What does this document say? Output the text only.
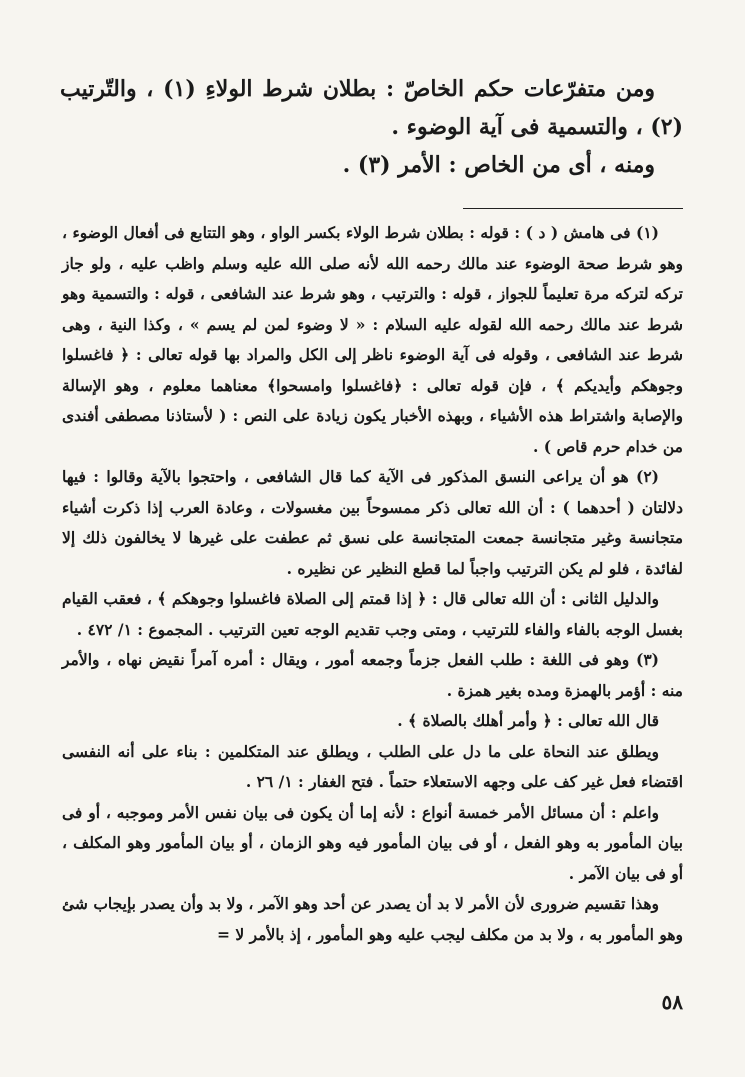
ومن متفرّعات حكم الخاصّ : بطلان شرط الولاءِ (١) ، والتّرتيب (٢) ، والتسمية فى آية الوضوء .

ومنه ، أى من الخاص : الأمر (٣) .

(١) فى هامش ( د ) : قوله : بطلان شرط الولاء بكسر الواو ، وهو التتابع فى أفعال الوضوء ، وهو شرط صحة الوضوء عند مالك رحمه الله لأنه صلى الله عليه وسلم واظب عليه ، ولو جاز تركه لتركه مرة تعليماً للجواز ، قوله : والترتيب ، وهو شرط عند الشافعى ، قوله : والتسمية وهو شرط عند مالك رحمه الله لقوله عليه السلام : « لا وضوء لمن لم يسم » ، وكذا النية ، وهى شرط عند الشافعى ، وقوله فى آية الوضوء ناظر إلى الكل والمراد بها قوله تعالى : ﴿ فاغسلوا وجوهكم وأيديكم ﴾ ، فإن قوله تعالى : ﴿فاغسلوا وامسحوا﴾ معناهما معلوم ، وهو الإسالة والإصابة واشتراط هذه الأشياء ، وبهذه الأخبار يكون زيادة على النص : ( لأستاذنا مصطفى أفندى من خدام حرم قاص ) .

(٢) هو أن يراعى النسق المذكور فى الآية كما قال الشافعى ، واحتجوا بالآية وقالوا : فيها دلالتان ( أحدهما ) : أن الله تعالى ذكر ممسوحاً بين مغسولات ، وعادة العرب إذا ذكرت أشياء متجانسة وغير متجانسة جمعت المتجانسة على نسق ثم عطفت على غيرها لا يخالفون ذلك إلا لفائدة ، فلو لم يكن الترتيب واجباً لما قطع النظير عن نظيره .

والدليل الثانى : أن الله تعالى قال : ﴿ إذا قمتم إلى الصلاة فاغسلوا وجوهكم ﴾ ، فعقب القيام بغسل الوجه بالفاء والفاء للترتيب ، ومتى وجب تقديم الوجه تعين الترتيب . المجموع : ١/ ٤٧٢ .

(٣) وهو فى اللغة : طلب الفعل جزماً وجمعه أمور ، ويقال : أمره آمراً نقيض نهاه ، والأمر منه : أؤمر بالهمزة ومده بغير همزة .

قال الله تعالى : ﴿ وأمر أهلك بالصلاة ﴾ .

ويطلق عند النحاة على ما دل على الطلب ، ويطلق عند المتكلمين : بناء على أنه النفسى اقتضاء فعل غير كف على وجهه الاستعلاء حتماً . فتح الغفار : ١/ ٢٦ .

واعلم : أن مسائل الأمر خمسة أنواع : لأنه إما أن يكون فى بيان نفس الأمر وموجبه ، أو فى بيان المأمور به وهو الفعل ، أو فى بيان المأمور فيه وهو الزمان ، أو بيان المأمور وهو المكلف ، أو فى بيان الآمر .

وهذا تقسيم ضرورى لأن الأمر لا بد أن يصدر عن أحد وهو الآمر ، ولا بد وأن يصدر بإيجاب شئ وهو المأمور به ، ولا بد من مكلف ليجب عليه وهو المأمور ، إذ بالأمر لا =

٥٨
